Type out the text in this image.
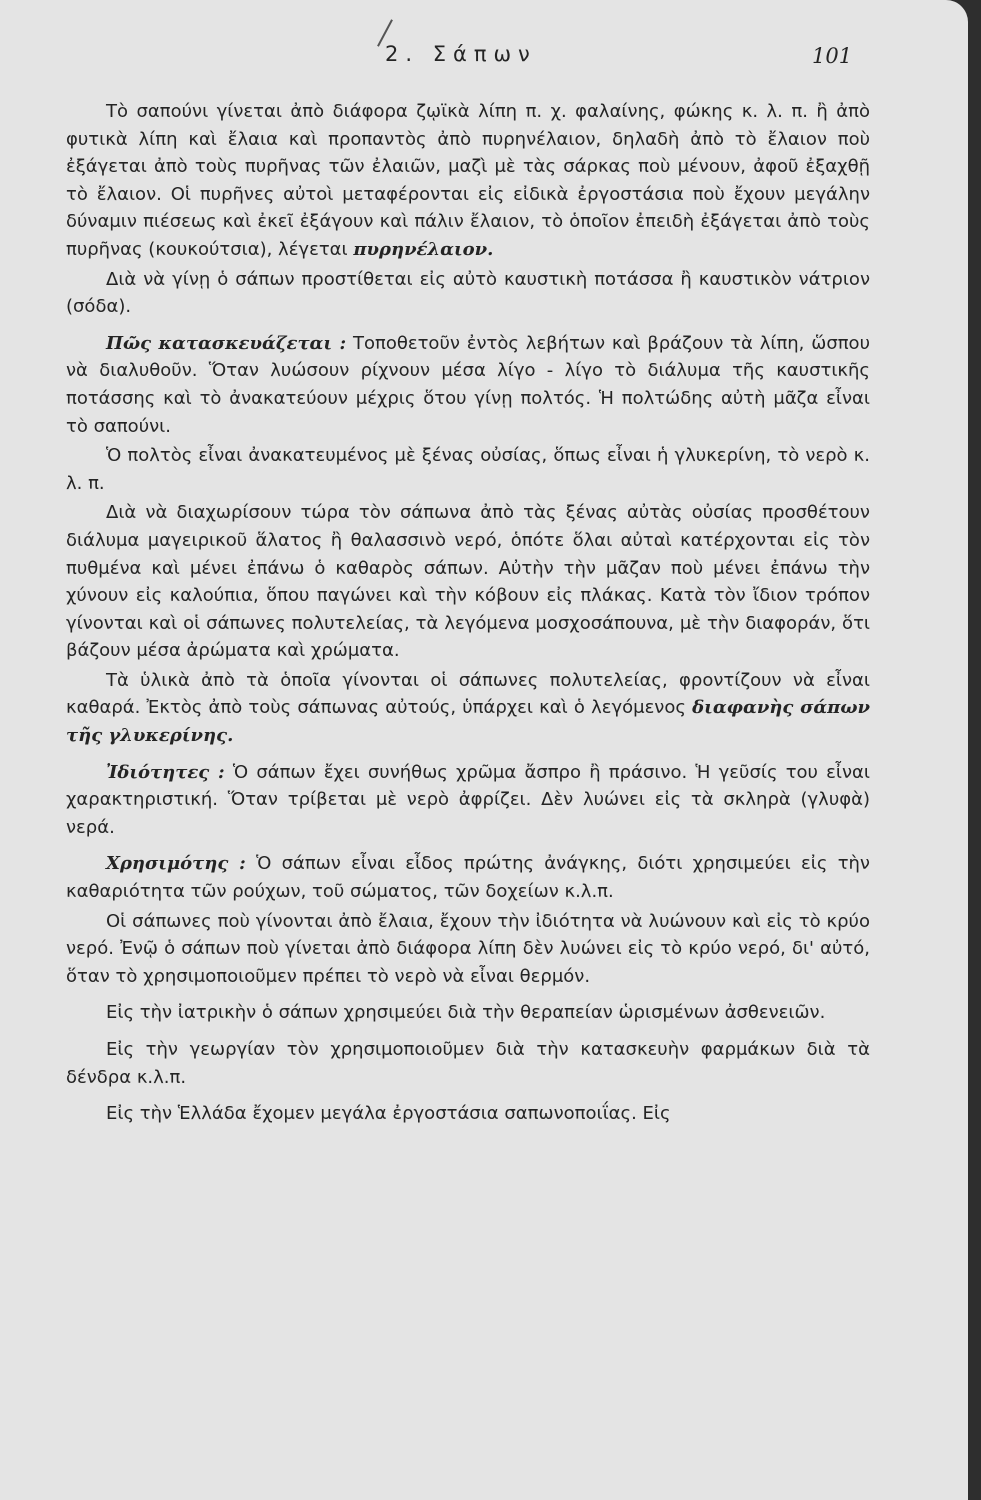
2. Σάπων	101

Τὸ σαπούνι γίνεται ἀπὸ διάφορα ζῳϊκὰ λίπη π. χ. φαλαίνης, φώκης κ. λ. π. ἢ ἀπὸ φυτικὰ λίπη καὶ ἔλαια καὶ προπαντὸς ἀπὸ πυρηνέλαιον, δηλαδὴ ἀπὸ τὸ ἔλαιον ποὺ ἐξάγεται ἀπὸ τοὺς πυρῆνας τῶν ἐλαιῶν, μαζὶ μὲ τὰς σάρκας ποὺ μένουν, ἀφοῦ ἐξαχθῇ τὸ ἔλαιον. Οἱ πυρῆνες αὐτοὶ μεταφέρονται εἰς εἰδικὰ ἐργοστάσια ποὺ ἔχουν μεγάλην δύναμιν πιέσεως καὶ ἐκεῖ ἐξάγουν καὶ πάλιν ἔλαιον, τὸ ὁποῖον ἐπειδὴ ἐξάγεται ἀπὸ τοὺς πυρῆνας (κουκούτσια), λέγεται πυρηνέλαιον.

Διὰ νὰ γίνῃ ὁ σάπων προστίθεται εἰς αὐτὸ καυστικὴ ποτάσσα ἢ καυστικὸν νάτριον (σόδα).

Πῶς κατασκευάζεται : Τοποθετοῦν ἐντὸς λεβήτων καὶ βράζουν τὰ λίπη, ὥσπου νὰ διαλυθοῦν. Ὅταν λυώσουν ρίχνουν μέσα λίγο - λίγο τὸ διάλυμα τῆς καυστικῆς ποτάσσης καὶ τὸ ἀνακατεύουν μέχρις ὅτου γίνῃ πολτός. Ἡ πολτώδης αὐτὴ μᾶζα εἶναι τὸ σαπούνι.

Ὁ πολτὸς εἶναι ἀνακατευμένος μὲ ξένας οὐσίας, ὅπως εἶναι ἡ γλυκερίνη, τὸ νερὸ κ. λ. π.

Διὰ νὰ διαχωρίσουν τώρα τὸν σάπωνα ἀπὸ τὰς ξένας αὐτὰς οὐσίας προσθέτουν διάλυμα μαγειρικοῦ ἅλατος ἢ θαλασσινὸ νερό, ὁπότε ὅλαι αὐταὶ κατέρχονται εἰς τὸν πυθμένα καὶ μένει ἐπάνω ὁ καθαρὸς σάπων. Αὐτὴν τὴν μᾶζαν ποὺ μένει ἐπάνω τὴν χύνουν εἰς καλούπια, ὅπου παγώνει καὶ τὴν κόβουν εἰς πλάκας. Κατὰ τὸν ἴδιον τρόπον γίνονται καὶ οἱ σάπωνες πολυτελείας, τὰ λεγόμενα μοσχοσάπουνα, μὲ τὴν διαφοράν, ὅτι βάζουν μέσα ἀρώματα καὶ χρώματα.

Τὰ ὑλικὰ ἀπὸ τὰ ὁποῖα γίνονται οἱ σάπωνες πολυτελείας, φροντίζουν νὰ εἶναι καθαρά. Ἐκτὸς ἀπὸ τοὺς σάπωνας αὐτούς, ὑπάρχει καὶ ὁ λεγόμενος διαφανὴς σάπων τῆς γλυκερίνης.

Ἰδιότητες : Ὁ σάπων ἔχει συνήθως χρῶμα ἄσπρο ἢ πράσινο. Ἡ γεῦσίς του εἶναι χαρακτηριστική. Ὅταν τρίβεται μὲ νερὸ ἀφρίζει. Δὲν λυώνει εἰς τὰ σκληρὰ (γλυφὰ) νερά.

Χρησιμότης : Ὁ σάπων εἶναι εἶδος πρώτης ἀνάγκης, διότι χρησιμεύει εἰς τὴν καθαριότητα τῶν ρούχων, τοῦ σώματος, τῶν δοχείων κ.λ.π.

Οἱ σάπωνες ποὺ γίνονται ἀπὸ ἔλαια, ἔχουν τὴν ἰδιότητα νὰ λυώνουν καὶ εἰς τὸ κρύο νερό. Ἐνῷ ὁ σάπων ποὺ γίνεται ἀπὸ διάφορα λίπη δὲν λυώνει εἰς τὸ κρύο νερό, δι' αὐτό, ὅταν τὸ χρησιμοποιοῦμεν πρέπει τὸ νερὸ νὰ εἶναι θερμόν.

Εἰς τὴν ἰατρικὴν ὁ σάπων χρησιμεύει διὰ τὴν θεραπείαν ὡρισμένων ἀσθενειῶν.

Εἰς τὴν γεωργίαν τὸν χρησιμοποιοῦμεν διὰ τὴν κατασκευὴν φαρμάκων διὰ τὰ δένδρα κ.λ.π.

Εἰς τὴν Ἑλλάδα ἔχομεν μεγάλα ἐργοστάσια σαπωνοποιΐας. Εἰς
